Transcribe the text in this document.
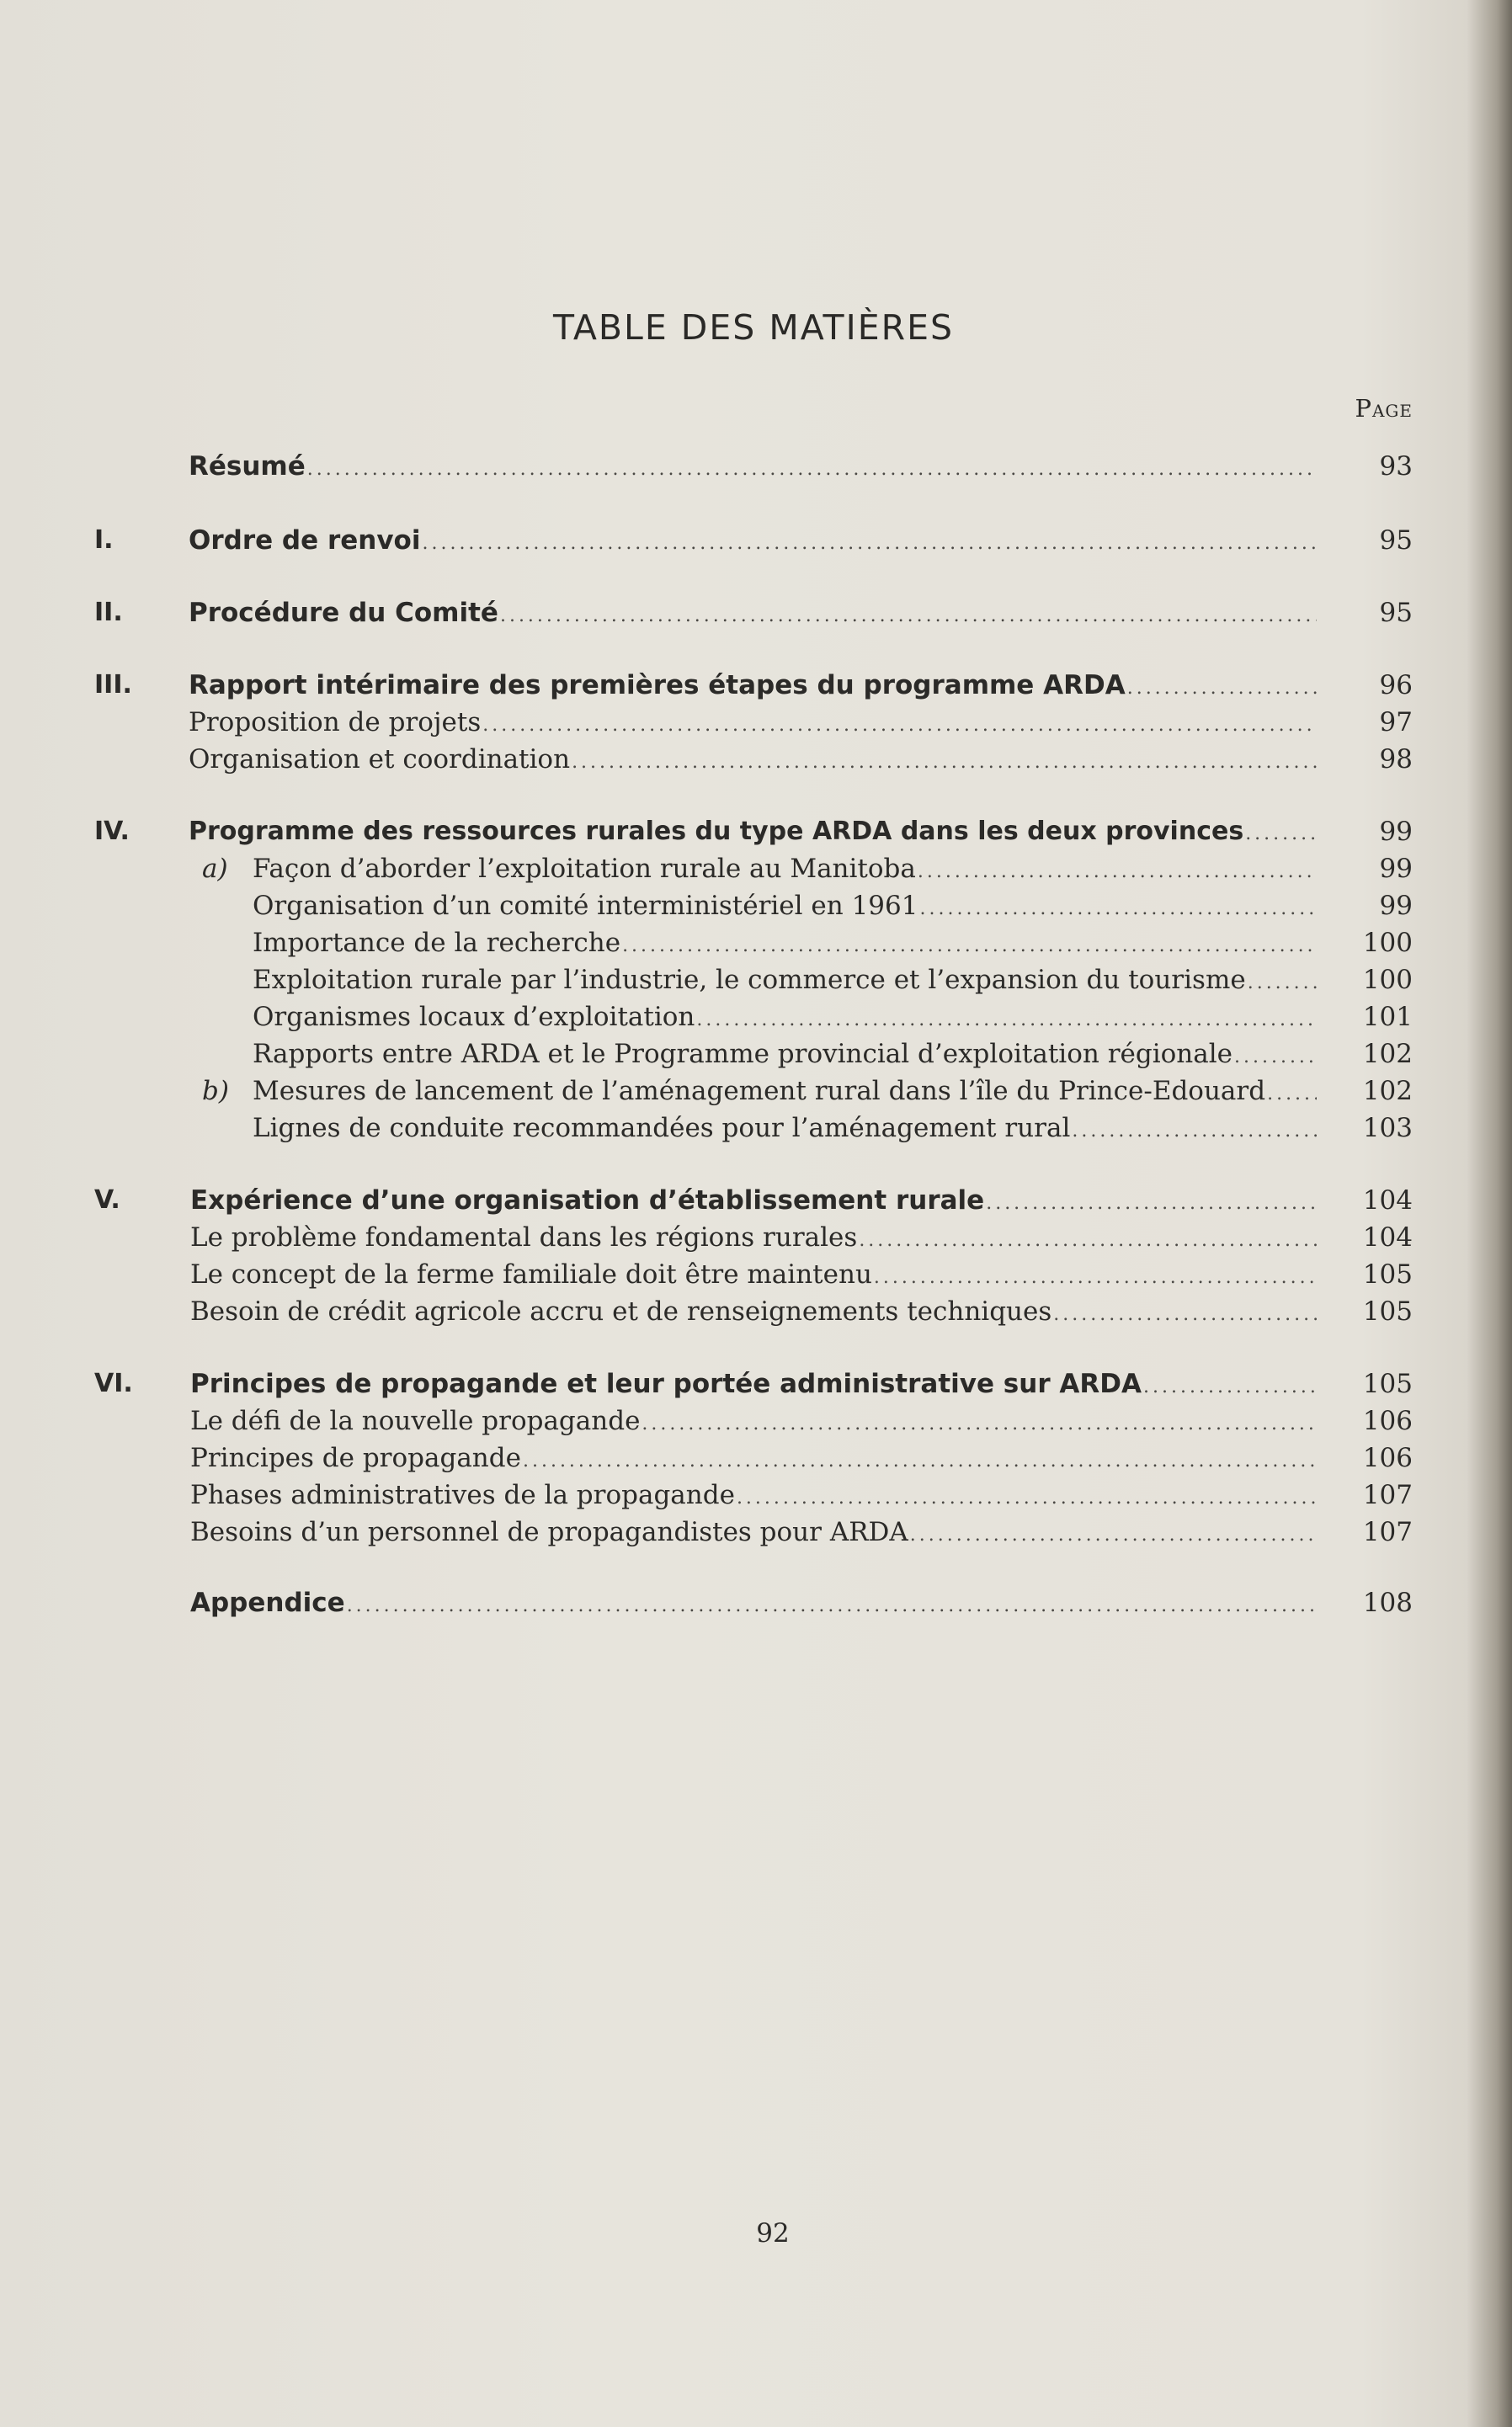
TABLE DES MATIÈRES
Page
Résumé .....	93
I.	Ordre de renvoi .....	95
II.	Procédure du Comité .....	95
III.	Rapport intérimaire des premières étapes du programme ARDA .....	96
Proposition de projets .....	97
Organisation et coordination .....	98
IV.	Programme des ressources rurales du type ARDA dans les deux provinces .....	99
a) Façon d’aborder l’exploitation rurale au Manitoba .....	99
Organisation d’un comité interministériel en 1961 .....	99
Importance de la recherche .....	100
Exploitation rurale par l’industrie, le commerce et l’expansion du tourisme .....	100
Organismes locaux d’exploitation .....	101
Rapports entre ARDA et le Programme provincial d’exploitation régionale .....	102
b) Mesures de lancement de l’aménagement rural dans l’île du Prince-Edouard .....	102
Lignes de conduite recommandées pour l’aménagement rural .....	103
V.	Expérience d’une organisation d’établissement rurale .....	104
Le problème fondamental dans les régions rurales .....	104
Le concept de la ferme familiale doit être maintenu .....	105
Besoin de crédit agricole accru et de renseignements techniques .....	105
VI.	Principes de propagande et leur portée administrative sur ARDA .....	105
Le défi de la nouvelle propagande .....	106
Principes de propagande .....	106
Phases administratives de la propagande .....	107
Besoins d’un personnel de propagandistes pour ARDA .....	107
Appendice .....	108
92
